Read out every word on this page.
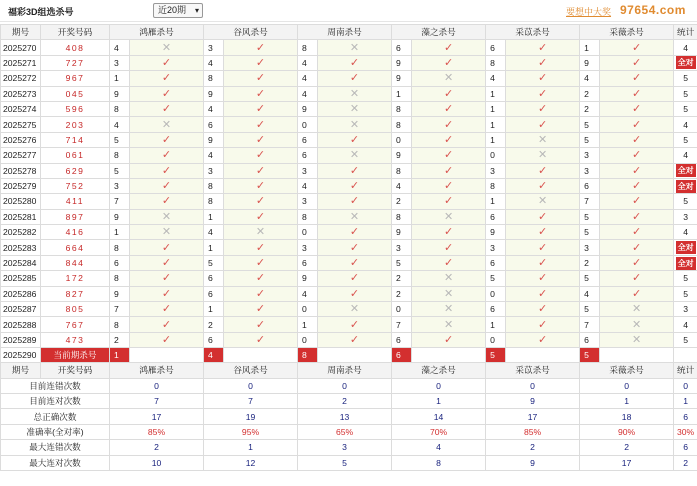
福彩3D组选杀号	近20期 ▾	要想中大奖 97654.com
期号	开奖号码	鸿雁杀号		谷风杀号		周南杀号		藻之杀号		采苡杀号		采薇杀号		统计
2025270	408	4	✕	3	✓	8	✕	6	✓	6	✓	1	✓	4
2025271	727	3	✓	4	✓	4	✓	9	✓	8	✓	9	✓	全对
2025272	967	1	✓	8	✓	4	✓	9	✕	4	✓	4	✓	5
2025273	045	9	✓	9	✓	4	✕	1	✓	1	✓	2	✓	5
2025274	596	8	✓	4	✓	9	✕	8	✓	1	✓	2	✓	5
2025275	203	4	✕	6	✓	0	✕	8	✓	1	✓	5	✓	4
2025276	714	5	✓	9	✓	6	✓	0	✓	1	✕	5	✓	5
2025277	061	8	✓	4	✓	6	✕	9	✓	0	✕	3	✓	4
2025278	629	5	✓	3	✓	3	✓	8	✓	3	✓	3	✓	全对
2025279	752	3	✓	8	✓	4	✓	4	✓	8	✓	6	✓	全对
2025280	411	7	✓	8	✓	3	✓	2	✓	1	✕	7	✓	5
2025281	897	9	✕	1	✓	8	✕	8	✕	6	✓	5	✓	3
2025282	416	1	✕	4	✕	0	✓	9	✓	9	✓	5	✓	4
2025283	664	8	✓	1	✓	3	✓	3	✓	3	✓	3	✓	全对
2025284	844	6	✓	5	✓	6	✓	5	✓	6	✓	2	✓	全对
2025285	172	8	✓	6	✓	9	✓	2	✕	5	✓	5	✓	5
2025286	827	9	✓	6	✓	4	✓	2	✕	0	✓	4	✓	5
2025287	805	7	✓	1	✓	0	✕	0	✕	6	✓	5	✕	3
2025288	767	8	✓	2	✓	1	✓	7	✕	1	✓	7	✕	4
2025289	473	2	✓	6	✓	0	✓	6	✓	0	✓	6	✕	5
2025290	当前期杀号	1		4		8		6		5		5		
期号	开奖号码	鸿雁杀号		谷风杀号		周南杀号		藻之杀号		采苡杀号		采薇杀号		统计
目前连错次数		0		0		0		0		0		0		0
目前连对次数		7		7		2		1		9		1		1
总正确次数		17		19		13		14		17		18		6
准确率(全对率)		85%		95%		65%		70%		85%		90%		30%
最大连错次数		2		1		3		4		2		2		6
最大连对次数		10		12		5		8		9		17		2
